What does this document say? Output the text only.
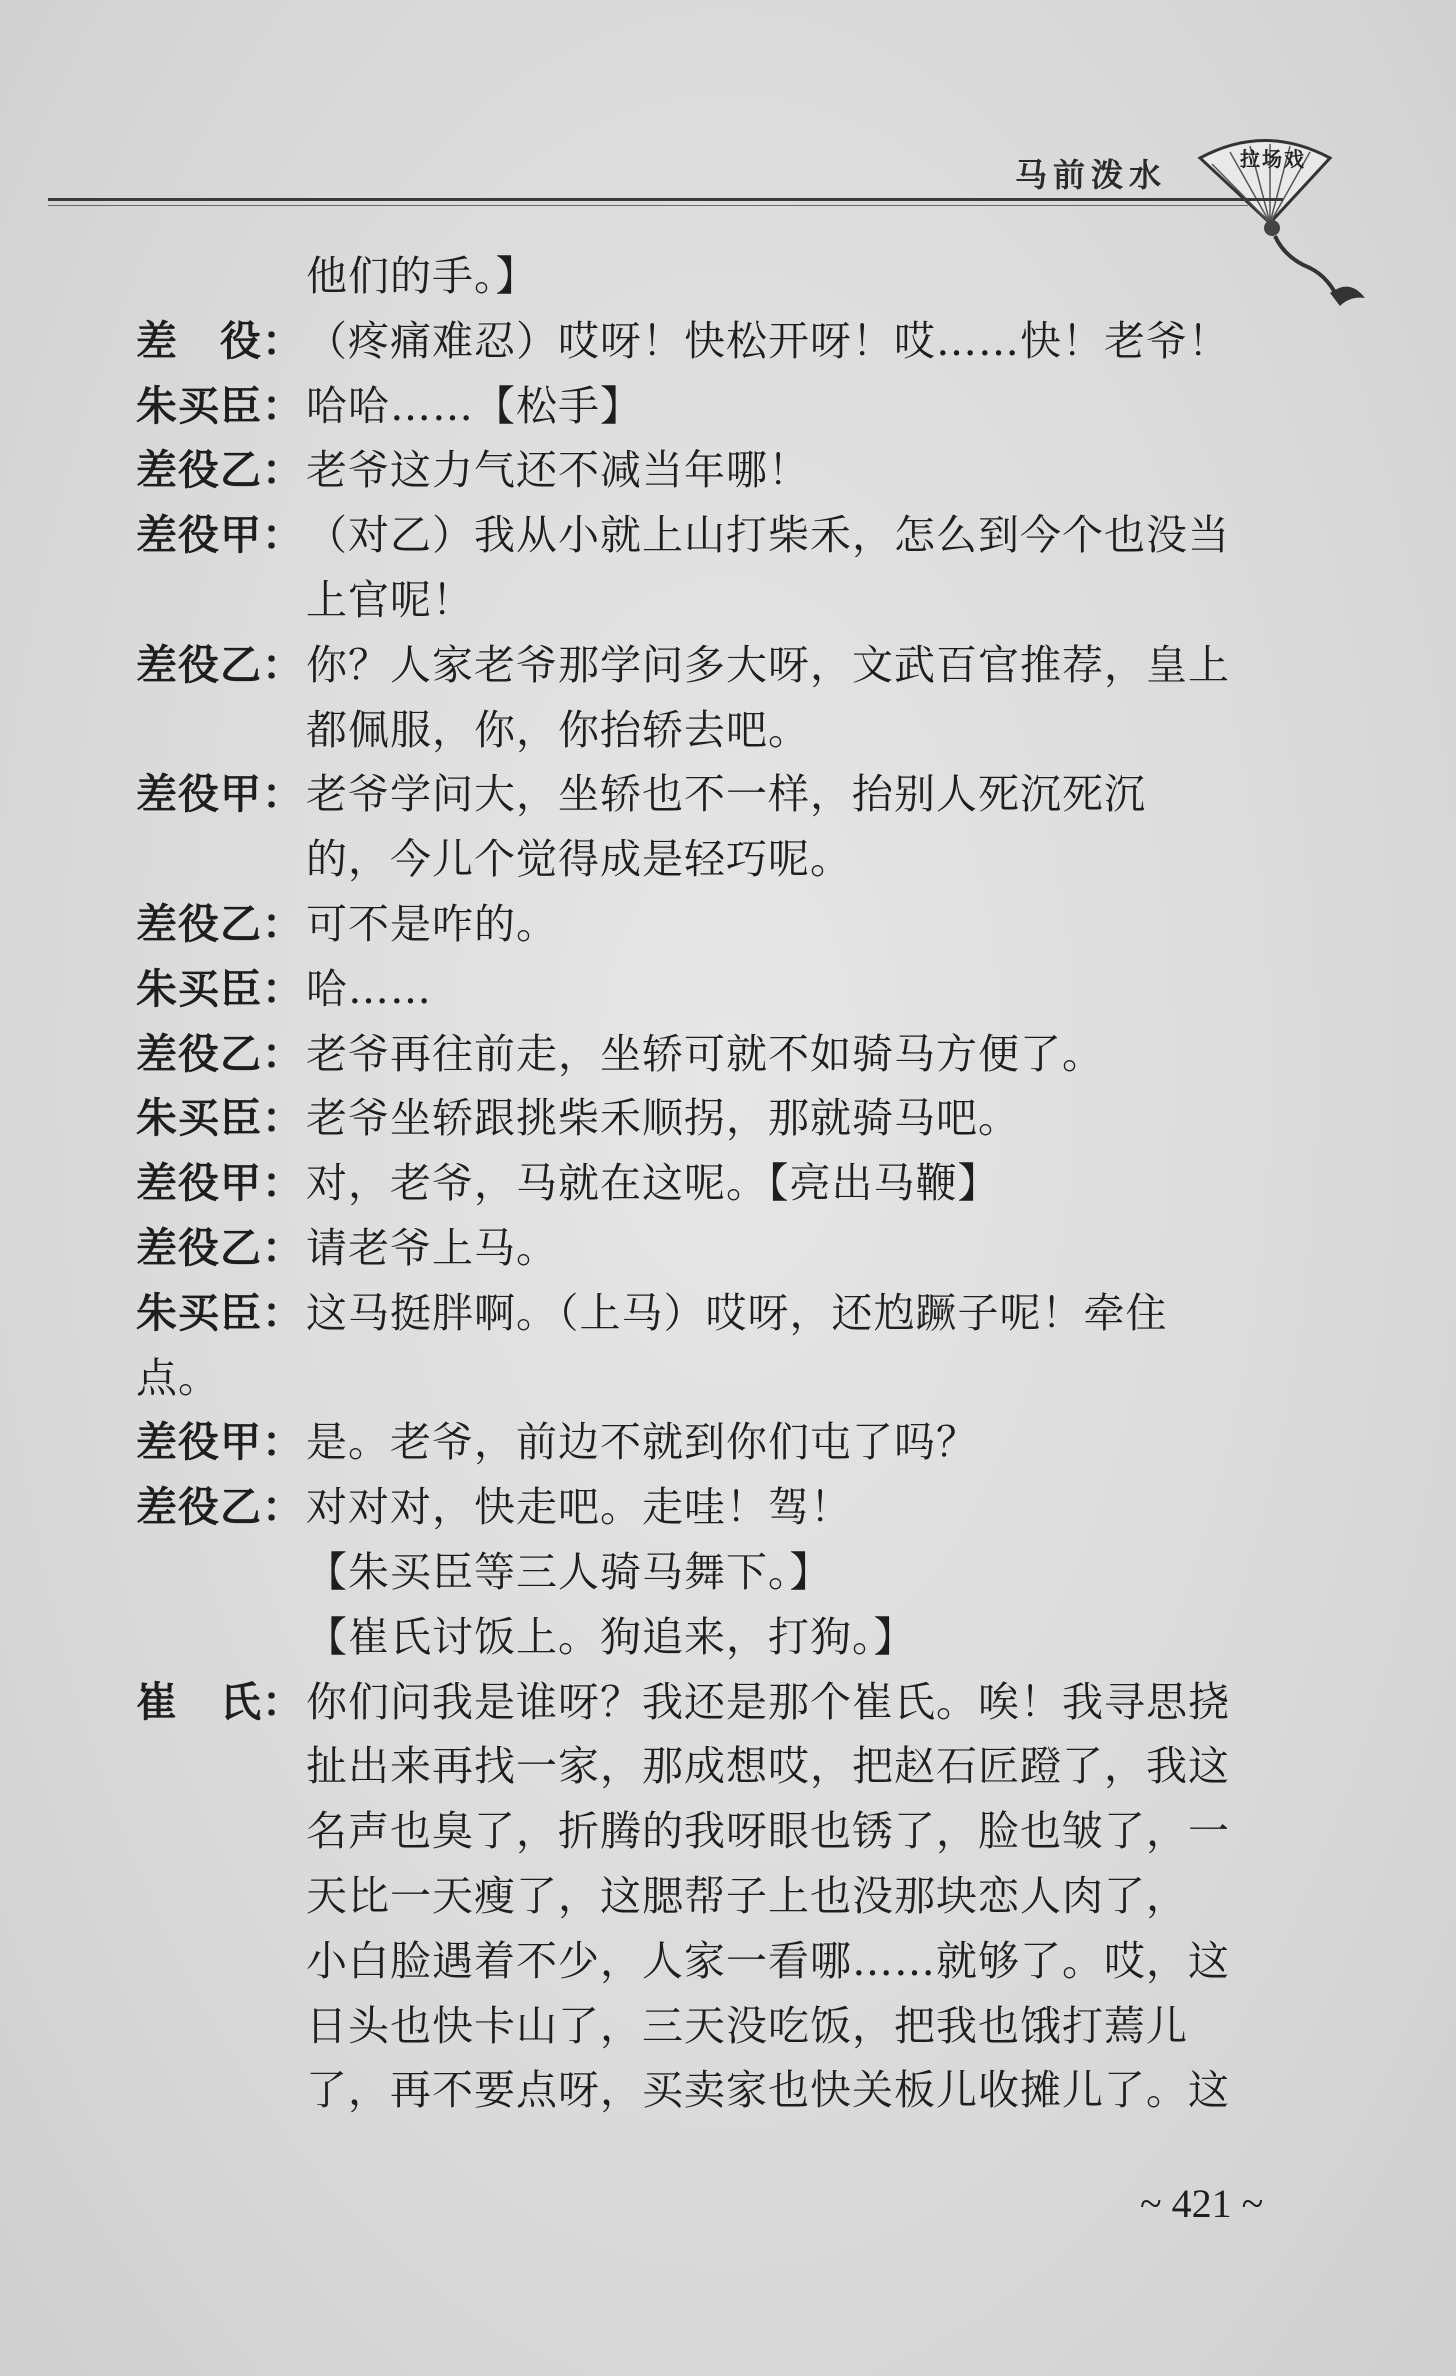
马前泼水	拉场戏
他们的手。】
差　役： （疼痛难忍）哎呀！快松开呀！哎……快！老爷！
朱买臣： 哈哈……【松手】
差役乙： 老爷这力气还不减当年哪！
差役甲： （对乙）我从小就上山打柴禾，怎么到今个也没当
上官呢！
差役乙： 你？人家老爷那学问多大呀，文武百官推荐，皇上
都佩服，你，你抬轿去吧。
差役甲： 老爷学问大，坐轿也不一样，抬别人死沉死沉
的，今儿个觉得成是轻巧呢。
差役乙： 可不是咋的。
朱买臣： 哈……
差役乙： 老爷再往前走，坐轿可就不如骑马方便了。
朱买臣： 老爷坐轿跟挑柴禾顺拐，那就骑马吧。
差役甲： 对，老爷，马就在这呢。【亮出马鞭】
差役乙： 请老爷上马。
朱买臣： 这马挺胖啊。（上马）哎呀，还尥蹶子呢！牵住
点。
差役甲： 是。老爷，前边不就到你们屯了吗？
差役乙： 对对对，快走吧。走哇！驾！
【朱买臣等三人骑马舞下。】
【崔氏讨饭上。狗追来，打狗。】
崔　氏： 你们问我是谁呀？我还是那个崔氏。唉！我寻思挠
扯出来再找一家，那成想哎，把赵石匠蹬了，我这
名声也臭了，折腾的我呀眼也锈了，脸也皱了，一
天比一天瘦了，这腮帮子上也没那块恋人肉了，
小白脸遇着不少，人家一看哪……就够了。哎，这
日头也快卡山了，三天没吃饭，把我也饿打蔫儿
了，再不要点呀，买卖家也快关板儿收摊儿了。这
~ 421 ~
